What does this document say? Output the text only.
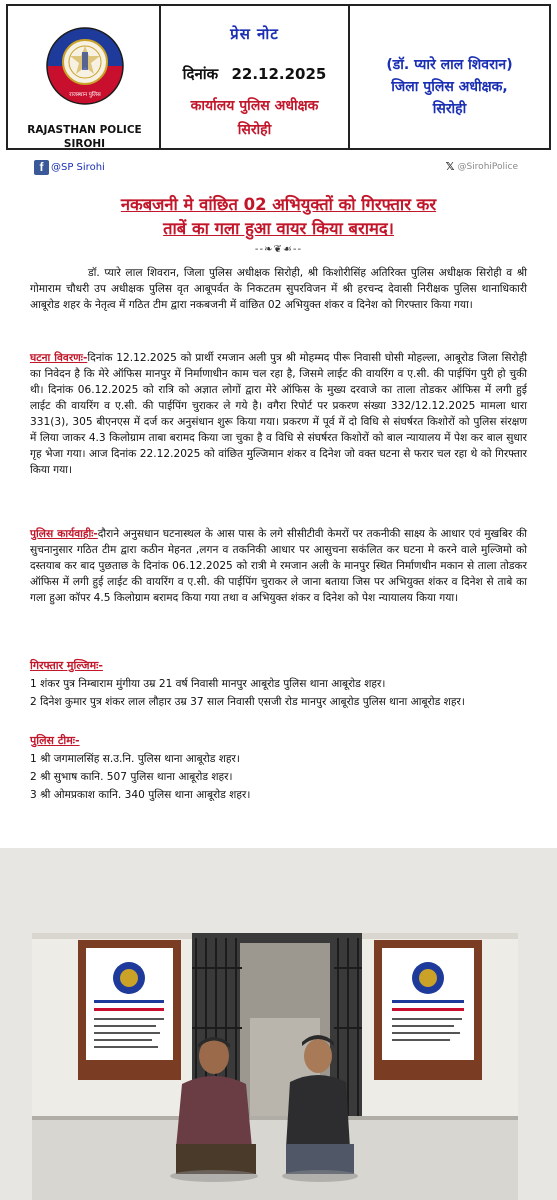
राजस्थान पुलिस
RAJASTHAN POLICE
SIROHI
प्रेस नोट
दिनांक 22.12.2025
कार्यालय पुलिस अधीक्षक
सिरोही
(डॉ. प्यारे लाल शिवरान)
जिला पुलिस अधीक्षक,
सिरोही
f @SP Sirohi	𝕏 @SirohiPolice
नकबजनी मे वांछित 02 अभियुक्तों को गिरफ्तार कर
ताबें का गला हुआ वायर किया बरामद।
--❧❦☙--

डॉ. प्यारे लाल शिवरान, जिला पुलिस अधीक्षक सिरोही, श्री किशोरीसिंह अतिरिक्त पुलिस अधीक्षक सिरोही व श्री गोमाराम चौधरी उप अधीक्षक पुलिस वृत आबूपर्वत के निकटतम सुपरविजन में श्री हरचन्द देवासी निरीक्षक पुलिस थानाधिकारी आबूरोड शहर के नेतृत्व में गठित टीम द्वारा नकबजनी में वांछित 02 अभियुक्त शंकर व दिनेश को गिरफ्तार किया गया।

घटना विवरणः-दिनांक 12.12.2025 को प्रार्थी रमजान अली पुत्र श्री मोहम्मद पीरू निवासी घोसी मोहल्ला, आबूरोड जिला सिरोही का निवेदन है कि मेरे ऑफिस मानपुर में निर्माणाधीन काम चल रहा है, जिसमे लाईट की वायरिंग व ए.सी. की पाईपिंग पुरी हो चुकी थी। दिनांक 06.12.2025 को रात्रि को अज्ञात लोगों द्वारा मेरे ऑफिस के मुख्य दरवाजे का ताला तोडकर ऑफिस में लगी हुई लाईट की वायरिंग व ए.सी. की पाईपिंग चुराकर ले गये है। वगैरा रिपोर्ट पर प्रकरण संख्या 332/12.12.2025 मामला धारा 331(3), 305 बीएनएस में दर्ज कर अनुसंधान शुरू किया गया। प्रकरण में पूर्व में दो विधि से संघर्षरत किशोरों को पुलिस संरक्षण में लिया जाकर 4.3 किलोग्राम ताबा बरामद किया जा चुका है व विधि से संघर्षरत किशोरों को बाल न्यायालय में पेश कर बाल सुधार गृह भेजा गया। आज दिनांक 22.12.2025 को वांछित मुल्जिमान शंकर व दिनेश जो वक्त घटना से फरार चल रहा थे को गिरफ्तार किया गया।

पुलिस कार्यवाहीः-दौराने अनुसधान घटनास्थल के आस पास के लगे सीसीटीवी केमरों पर तकनीकी साक्ष्य के आधार एवं मुखबिर की सुचनानुसार गठित टीम द्वारा कठीन मेहनत ,लगन व तकनिकी आधार पर आसुचना सकंलित कर घटना मे करने वाले मुल्जिमो को दस्तयाब कर बाद पुछताछ के दिनांक 06.12.2025 को रात्री मे रमजान अली के मानपुर स्थित निर्माणधीन मकान से ताला तोडकर ऑफिस में लगी हुई लाईट की वायरिंग व ए.सी. की पाईपिंग चुराकर ले जाना बताया जिस पर अभियुक्त शंकर व दिनेश से ताबे का गला हुआ कॉपर 4.5 किलोग्राम बरामद किया गया तथा व अभियुक्त शंकर व दिनेश को पेश न्यायालय किया गया।

गिरफ्तार मुल्जिमः-
1 शंकर पुत्र निम्बाराम मुंगीया उम्र 21 वर्ष निवासी मानपुर आबूरोड पुलिस थाना आबूरोड शहर।
2 दिनेश कुमार पुत्र शंकर लाल लौहार उम्र 37 साल निवासी एसजी रोड मानपुर आबूरोड पुलिस थाना आबूरोड शहर।
पुलिस टीमः-
1 श्री जगमालसिंह स.उ.नि. पुलिस थाना आबूरोड शहर।
2 श्री सुभाष कानि. 507 पुलिस थाना आबूरोड शहर।
3 श्री ओमप्रकाश कानि. 340 पुलिस थाना आबूरोड शहर।
